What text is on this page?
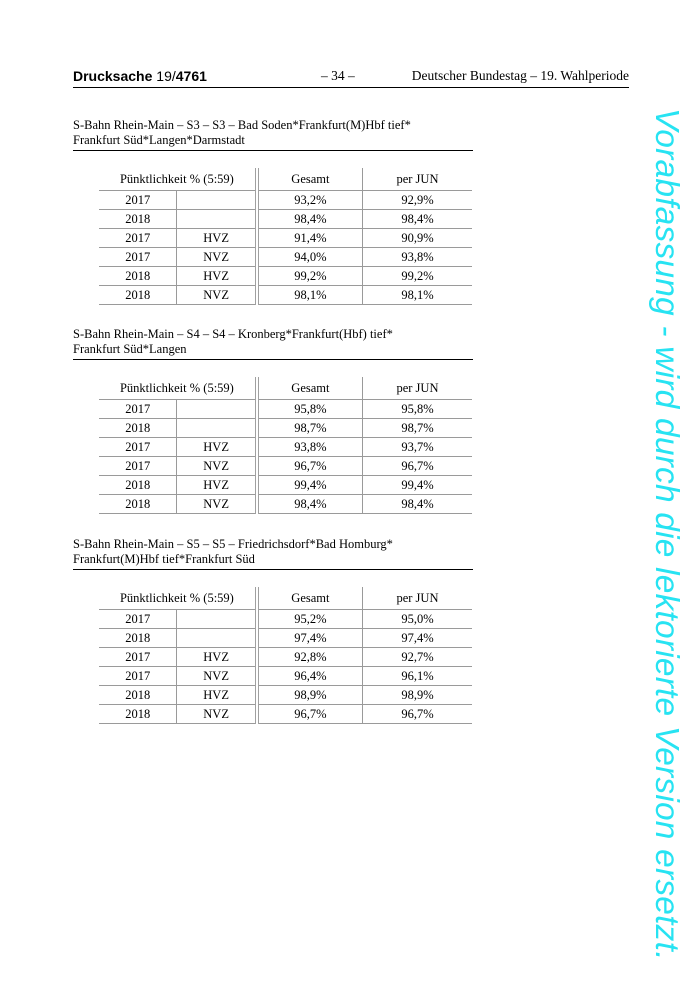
Drucksache 19/4761	– 34 –	Deutscher Bundestag – 19. Wahlperiode
S-Bahn Rhein-Main – S3 – S3 – Bad Soden*Frankfurt(M)Hbf tief*
Frankfurt Süd*Langen*Darmstadt
Pünktlichkeit % (5:59)		Gesamt	per JUN
2017		93,2%	92,9%
2018		98,4%	98,4%
2017	HVZ	91,4%	90,9%
2017	NVZ	94,0%	93,8%
2018	HVZ	99,2%	99,2%
2018	NVZ	98,1%	98,1%
S-Bahn Rhein-Main – S4 – S4 – Kronberg*Frankfurt(Hbf) tief*
Frankfurt Süd*Langen
Pünktlichkeit % (5:59)		Gesamt	per JUN
2017		95,8%	95,8%
2018		98,7%	98,7%
2017	HVZ	93,8%	93,7%
2017	NVZ	96,7%	96,7%
2018	HVZ	99,4%	99,4%
2018	NVZ	98,4%	98,4%
S-Bahn Rhein-Main – S5 – S5 – Friedrichsdorf*Bad Homburg*
Frankfurt(M)Hbf tief*Frankfurt Süd
Pünktlichkeit % (5:59)		Gesamt	per JUN
2017		95,2%	95,0%
2018		97,4%	97,4%
2017	HVZ	92,8%	92,7%
2017	NVZ	96,4%	96,1%
2018	HVZ	98,9%	98,9%
2018	NVZ	96,7%	96,7%	Vorabfassung - wird durch die lektorierte Version ersetzt.
